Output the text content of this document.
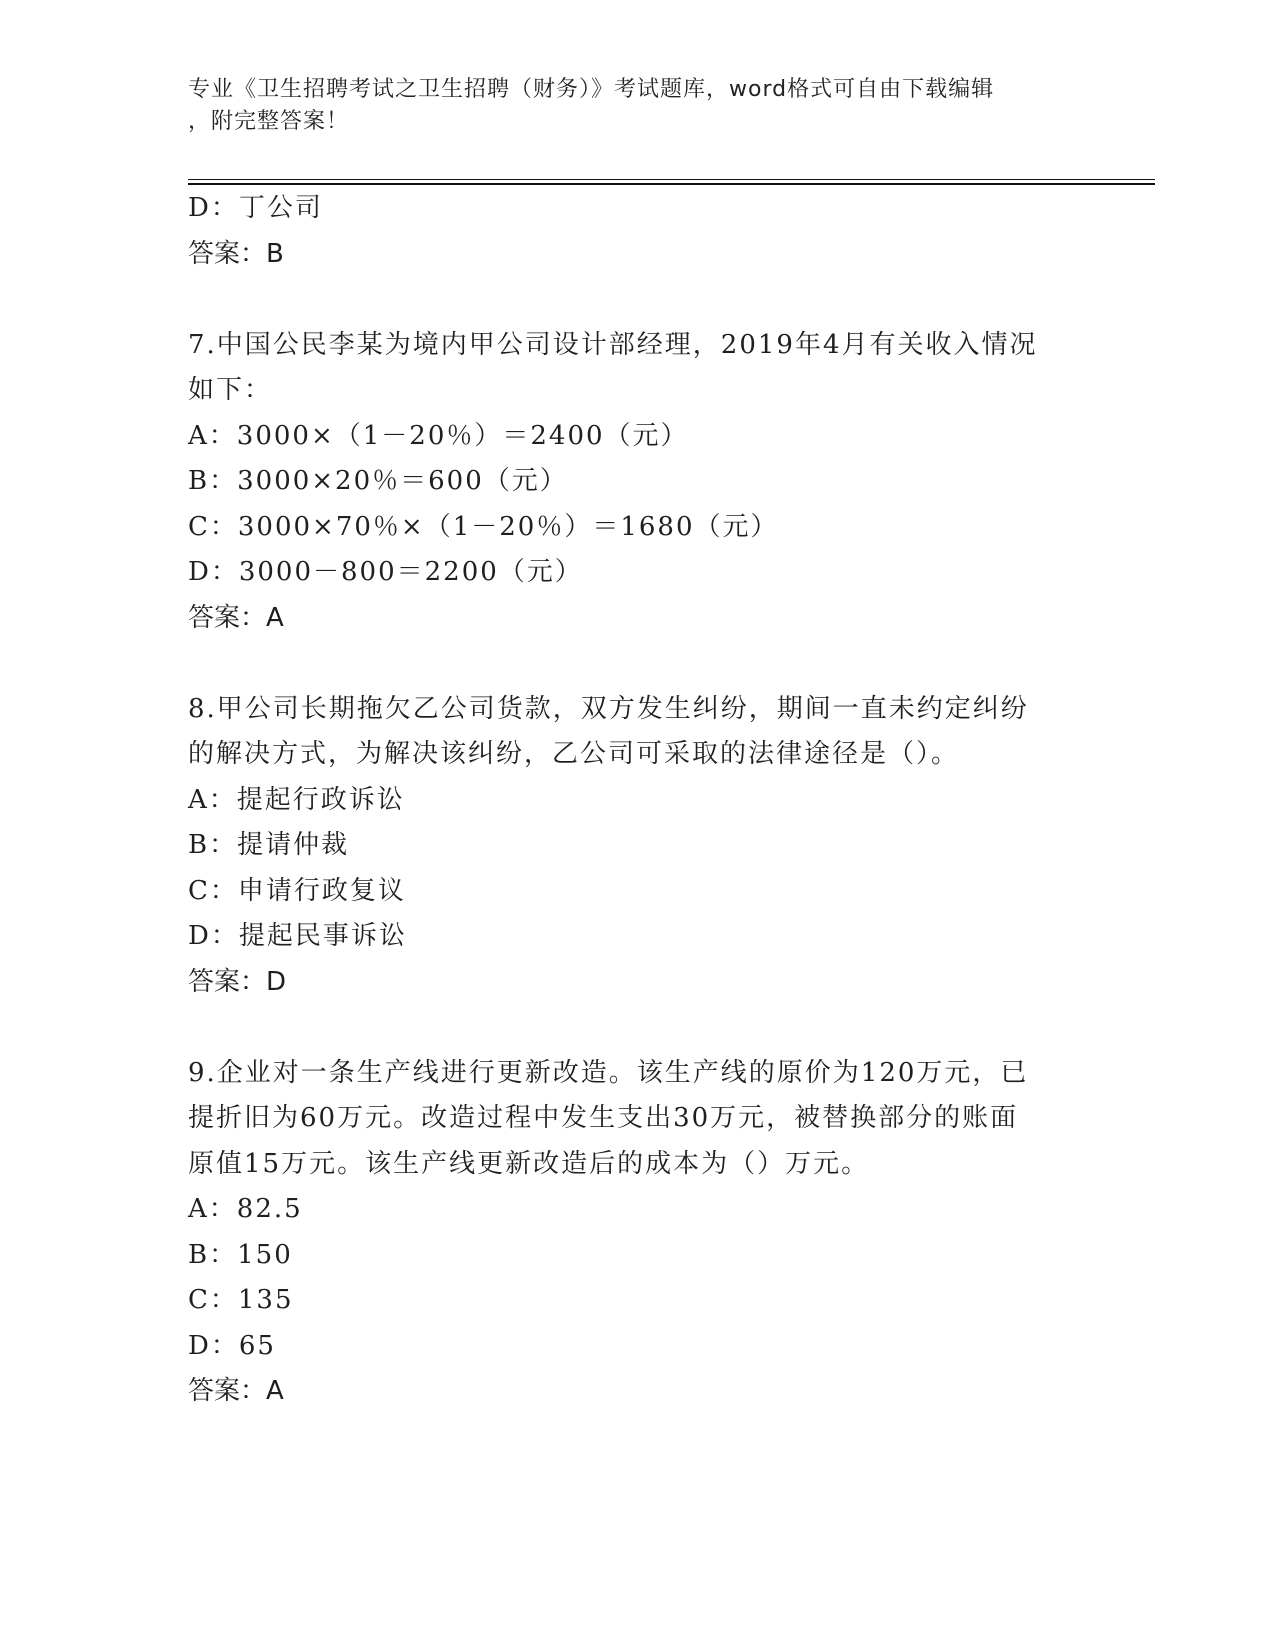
专业《卫生招聘考试之卫生招聘（财务）》考试题库，word格式可自由下载编辑
，附完整答案！
D：丁公司
答案：B
7.中国公民李某为境内甲公司设计部经理，2019年4月有关收入情况
如下：
A：3000×（1－20％）＝2400（元）
B：3000×20％＝600（元）
C：3000×70％×（1－20％）＝1680（元）
D：3000－800＝2200（元）
答案：A
8.甲公司长期拖欠乙公司货款，双方发生纠纷，期间一直未约定纠纷
的解决方式，为解决该纠纷，乙公司可采取的法律途径是（）。
A：提起行政诉讼
B：提请仲裁
C：申请行政复议
D：提起民事诉讼
答案：D
9.企业对一条生产线进行更新改造。该生产线的原价为120万元，已
提折旧为60万元。改造过程中发生支出30万元，被替换部分的账面
原值15万元。该生产线更新改造后的成本为（）万元。
A：82.5
B：150
C：135
D：65
答案：A
